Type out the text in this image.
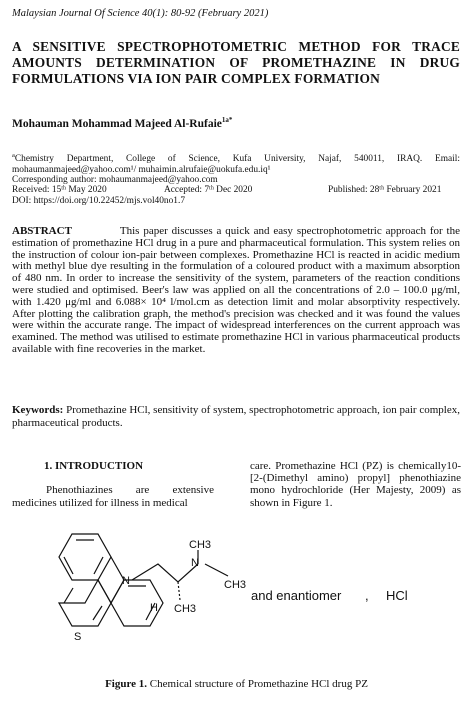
Malaysian Journal Of Science 40(1): 80-92 (February 2021)
A SENSITIVE SPECTROPHOTOMETRIC METHOD FOR TRACE AMOUNTS DETERMINATION OF PROMETHAZINE IN DRUG FORMULATIONS VIA ION PAIR COMPLEX FORMATION
Mohauman Mohammad Majeed Al-Rufaie$^{1a*}$
$^a$Chemistry Department, College of Science, Kufa University, Najaf, 540011, IRAQ. Email: mohaumanmajeed@yahoo.com¹/ muhaimin.alrufaie@uokufa.edu.iq¹
Corresponding author: mohaumanmajeed@yahoo.com
Received: 15ᵗʰ May 2020	Accepted: 7ᵗʰ Dec 2020	Published: 28ᵗʰ February 2021
DOI: https://doi.org/10.22452/mjs.vol40no1.7
ABSTRACT	This paper discusses a quick and easy spectrophotometric approach for the estimation of promethazine HCl drug in a pure and pharmaceutical formulation. This system relies on the instruction of colour ion-pair between complexes. Promethazine HCl is reacted in acidic medium with methyl blue dye resulting in the formulation of a coloured product with a maximum absorption of 480 nm. In order to increase the sensitivity of the system, parameters of the reaction conditions were studied and optimised. Beer's law was applied on all the concentrations of 2.0 – 100.0 μg/ml, with 1.420 μg/ml and 6.088× 10⁴ l/mol.cm as detection limit and molar absorptivity respectively. After plotting the calibration graph, the method's precision was checked and it was found the values were within the accurate range. The impact of widespread interferences on the current approach was examined. The method was utilised to estimate promethazine HCl in various pharmaceutical products available with fine recoveries in the market.
Keywords: Promethazine HCl, sensitivity of system, spectrophotometric approach, ion pair complex, pharmaceutical products.
1. INTRODUCTION
Phenothiazines are extensive medicines utilized for illness in medical
care. Promethazine HCl (PZ) is chemically10- [2-(Dimethyl amino) propyl] phenothiazine mono hydrochloride (Her Majesty, 2009) as shown in Figure 1.
N
CH3
CH3
H CH3
N
S
and enantiomer , HCl
Figure 1. Chemical structure of Promethazine HCl drug PZ
